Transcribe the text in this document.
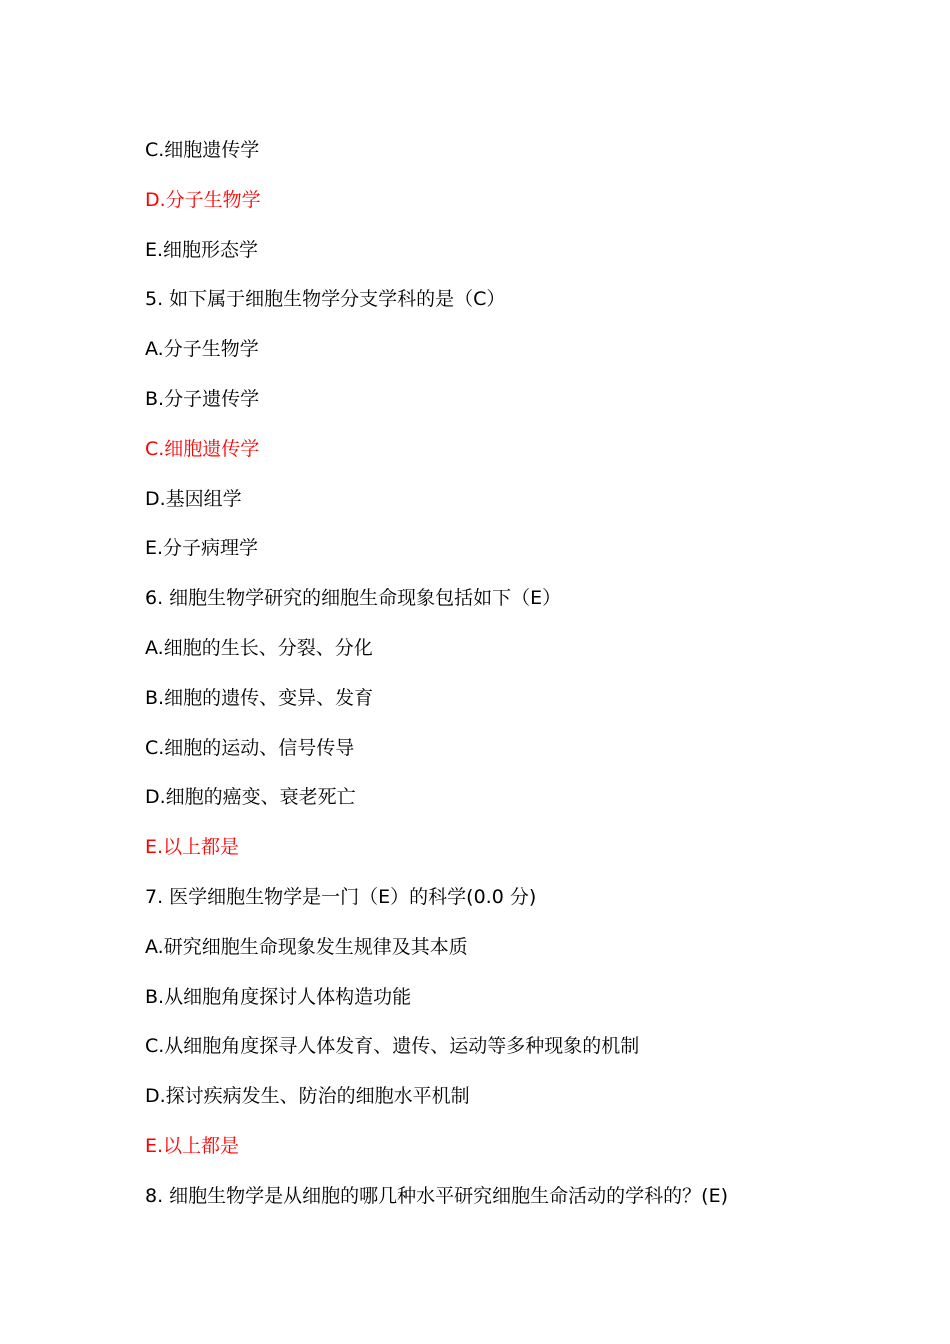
C.细胞遗传学
D.分子生物学
E.细胞形态学
5. 如下属于细胞生物学分支学科的是（C）
A.分子生物学
B.分子遗传学
C.细胞遗传学
D.基因组学
E.分子病理学
6. 细胞生物学研究的细胞生命现象包括如下（E）
A.细胞的生长、分裂、分化
B.细胞的遗传、变异、发育
C.细胞的运动、信号传导
D.细胞的癌变、衰老死亡
E.以上都是
7. 医学细胞生物学是一门（E）的科学(0.0 分)
A.研究细胞生命现象发生规律及其本质
B.从细胞角度探讨人体构造功能
C.从细胞角度探寻人体发育、遗传、运动等多种现象的机制
D.探讨疾病发生、防治的细胞水平机制
E.以上都是
8. 细胞生物学是从细胞的哪几种水平研究细胞生命活动的学科的？(E)
